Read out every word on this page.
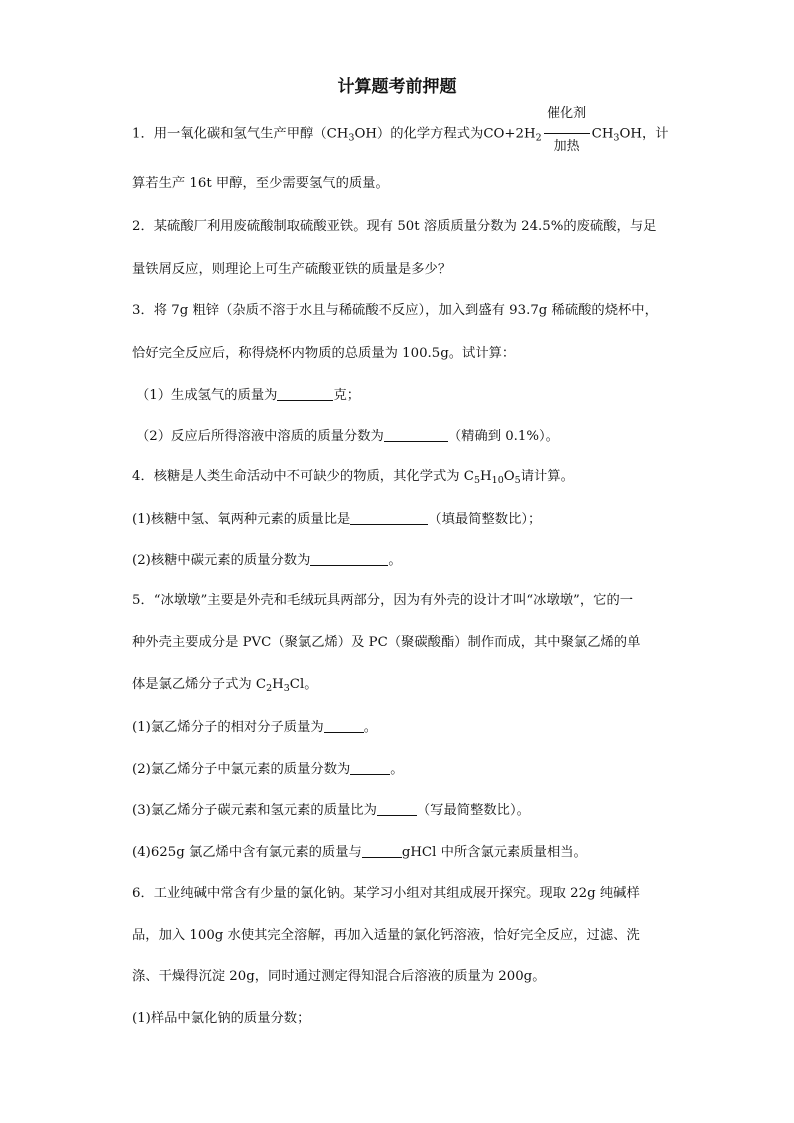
计算题考前押题
1．用一氧化碳和氢气生产甲醇$(CH_3OH)$的化学方程式为$CO+2H_2$
催化剂
加热
$CH_3OH$，计
算若生产 16t 甲醇，至少需要氢气的质量。
2．某硫酸厂利用废硫酸制取硫酸亚铁。现有 50t 溶质质量分数为 24.5%的废硫酸，与足
量铁屑反应，则理论上可生产硫酸亚铁的质量是多少？
3．将 7g 粗锌（杂质不溶于水且与稀硫酸不反应），加入到盛有 93.7g 稀硫酸的烧杯中，
恰好完全反应后，称得烧杯内物质的总质量为 100.5g。试计算：
（1）生成氢气的质量为	克；
（2）反应后所得溶液中溶质的质量分数为	（精确到 0.1%）。
4．核糖是人类生命活动中不可缺少的物质，其化学式为 $C_5H_{10}O_5$请计算。
(1)核糖中氢、氧两种元素的质量比是	（填最简整数比）；
(2)核糖中碳元素的质量分数为	。
5．“冰墩墩”主要是外壳和毛绒玩具两部分，因为有外壳的设计才叫“冰墩墩”，它的一
种外壳主要成分是 PVC（聚氯乙烯）及 PC（聚碳酸酯）制作而成，其中聚氯乙烯的单
体是氯乙烯分子式为 $C_2H_3Cl$。
(1)氯乙烯分子的相对分子质量为	。
(2)氯乙烯分子中氯元素的质量分数为	。
(3)氯乙烯分子碳元素和氢元素的质量比为	（写最简整数比）。
(4)625g 氯乙烯中含有氯元素的质量与	gHCl 中所含氯元素质量相当。
6．工业纯碱中常含有少量的氯化钠。某学习小组对其组成展开探究。现取 22g 纯碱样
品，加入 100g 水使其完全溶解，再加入适量的氯化钙溶液，恰好完全反应，过滤、洗
涤、干燥得沉淀 20g，同时通过测定得知混合后溶液的质量为 200g。
(1)样品中氯化钠的质量分数；
